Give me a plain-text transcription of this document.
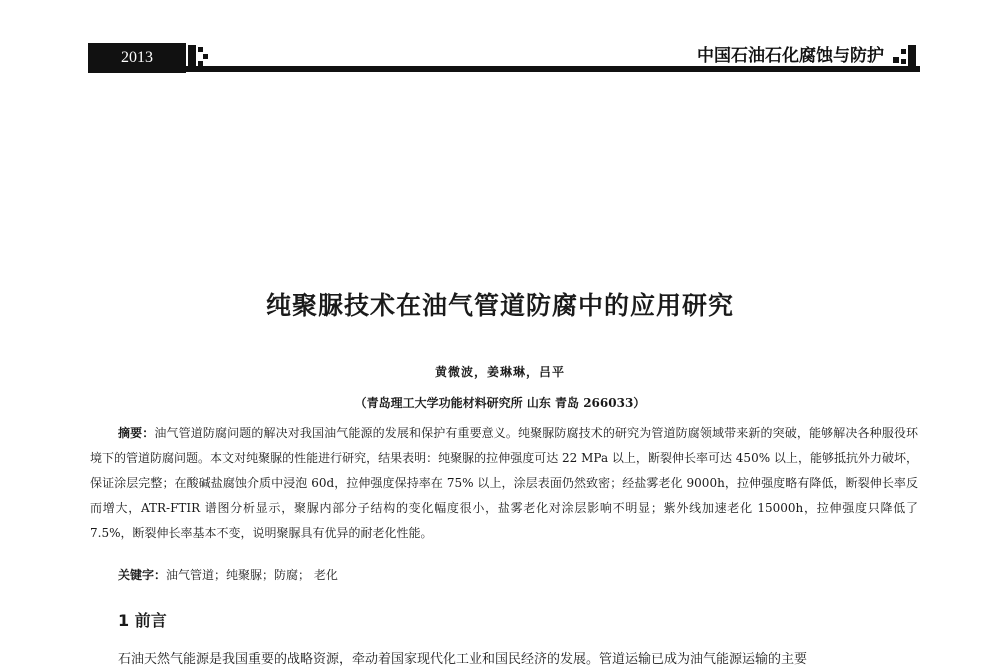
2013	中国石油石化腐蚀与防护
纯聚脲技术在油气管道防腐中的应用研究
黄微波，姜琳琳，吕平
（青岛理工大学功能材料研究所 山东 青岛 266033）

摘要：油气管道防腐问题的解决对我国油气能源的发展和保护有重要意义。纯聚脲防腐技术的研究为管道防腐领域带来新的突破，能够解决各种服役环境下的管道防腐问题。本文对纯聚脲的性能进行研究，结果表明：纯聚脲的拉伸强度可达 22 MPa 以上，断裂伸长率可达 450% 以上，能够抵抗外力破坏，保证涂层完整；在酸碱盐腐蚀介质中浸泡 60d，拉伸强度保持率在 75% 以上，涂层表面仍然致密；经盐雾老化 9000h，拉伸强度略有降低，断裂伸长率反而增大，ATR-FTIR 谱图分析显示，聚脲内部分子结构的变化幅度很小，盐雾老化对涂层影响不明显；紫外线加速老化 15000h，拉伸强度只降低了 7.5%，断裂伸长率基本不变，说明聚脲具有优异的耐老化性能。

关键字：油气管道；纯聚脲；防腐； 老化
1 前言

石油天然气能源是我国重要的战略资源，牵动着国家现代化工业和国民经济的发展。管道运输已成为油气能源运输的主要
